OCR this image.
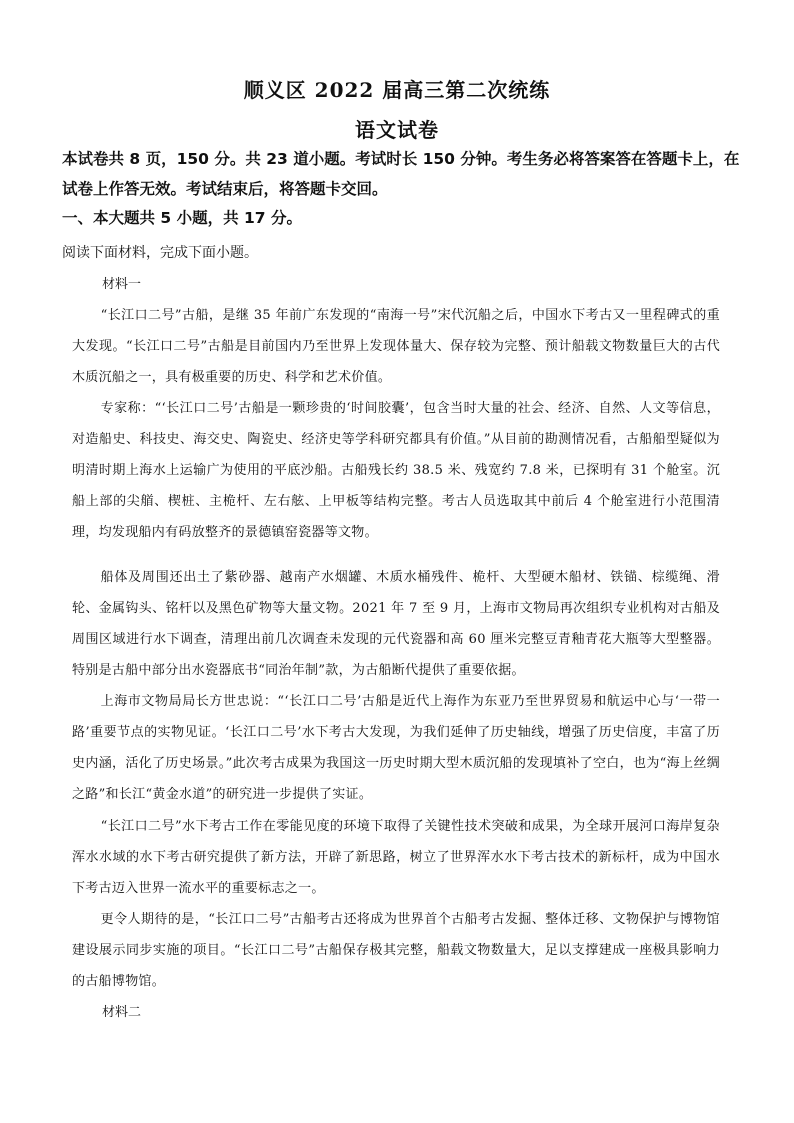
顺义区 2022 届高三第二次统练
语文试卷
本试卷共 8 页，150 分。共 23 道小题。考试时长 150 分钟。考生务必将答案答在答题卡上，在试卷上作答无效。考试结束后，将答题卡交回。
一、本大题共 5 小题，共 17 分。
阅读下面材料，完成下面小题。
材料一
“长江口二号”古船，是继 35 年前广东发现的“南海一号”宋代沉船之后，中国水下考古又一里程碑式的重大发现。“长江口二号”古船是目前国内乃至世界上发现体量大、保存较为完整、预计船载文物数量巨大的古代木质沉船之一，具有极重要的历史、科学和艺术价值。
专家称：“‘长江口二号’古船是一颗珍贵的‘时间胶囊’，包含当时大量的社会、经济、自然、人文等信息，对造船史、科技史、海交史、陶瓷史、经济史等学科研究都具有价值。”从目前的勘测情况看，古船船型疑似为明清时期上海水上运输广为使用的平底沙船。古船残长约 38.5 米、残宽约 7.8 米，已探明有 31 个舱室。沉船上部的尖艏、楔桩、主桅杆、左右舷、上甲板等结构完整。考古人员选取其中前后 4 个舱室进行小范围清理，均发现船内有码放整齐的景德镇窑瓷器等文物。
船体及周围还出土了紫砂器、越南产水烟罐、木质水桶残件、桅杆、大型硬木船材、铁锚、棕缆绳、滑轮、金属钩头、铭杆以及黑色矿物等大量文物。2021 年 7 至 9 月，上海市文物局再次组织专业机构对古船及周围区域进行水下调查，清理出前几次调查未发现的元代瓷器和高 60 厘米完整豆青釉青花大瓶等大型整器。特别是古船中部分出水瓷器底书“同治年制”款，为古船断代提供了重要依据。
上海市文物局局长方世忠说：“‘长江口二号’古船是近代上海作为东亚乃至世界贸易和航运中心与‘一带一路’重要节点的实物见证。‘长江口二号’水下考古大发现，为我们延伸了历史轴线，增强了历史信度，丰富了历史内涵，活化了历史场景。”此次考古成果为我国这一历史时期大型木质沉船的发现填补了空白，也为“海上丝绸之路”和长江“黄金水道”的研究进一步提供了实证。
“长江口二号”水下考古工作在零能见度的环境下取得了关键性技术突破和成果，为全球开展河口海岸复杂浑水水域的水下考古研究提供了新方法，开辟了新思路，树立了世界浑水水下考古技术的新标杆，成为中国水下考古迈入世界一流水平的重要标志之一。
更令人期待的是，“长江口二号”古船考古还将成为世界首个古船考古发掘、整体迁移、文物保护与博物馆建设展示同步实施的项目。“长江口二号”古船保存极其完整，船载文物数量大，足以支撑建成一座极具影响力的古船博物馆。
材料二
